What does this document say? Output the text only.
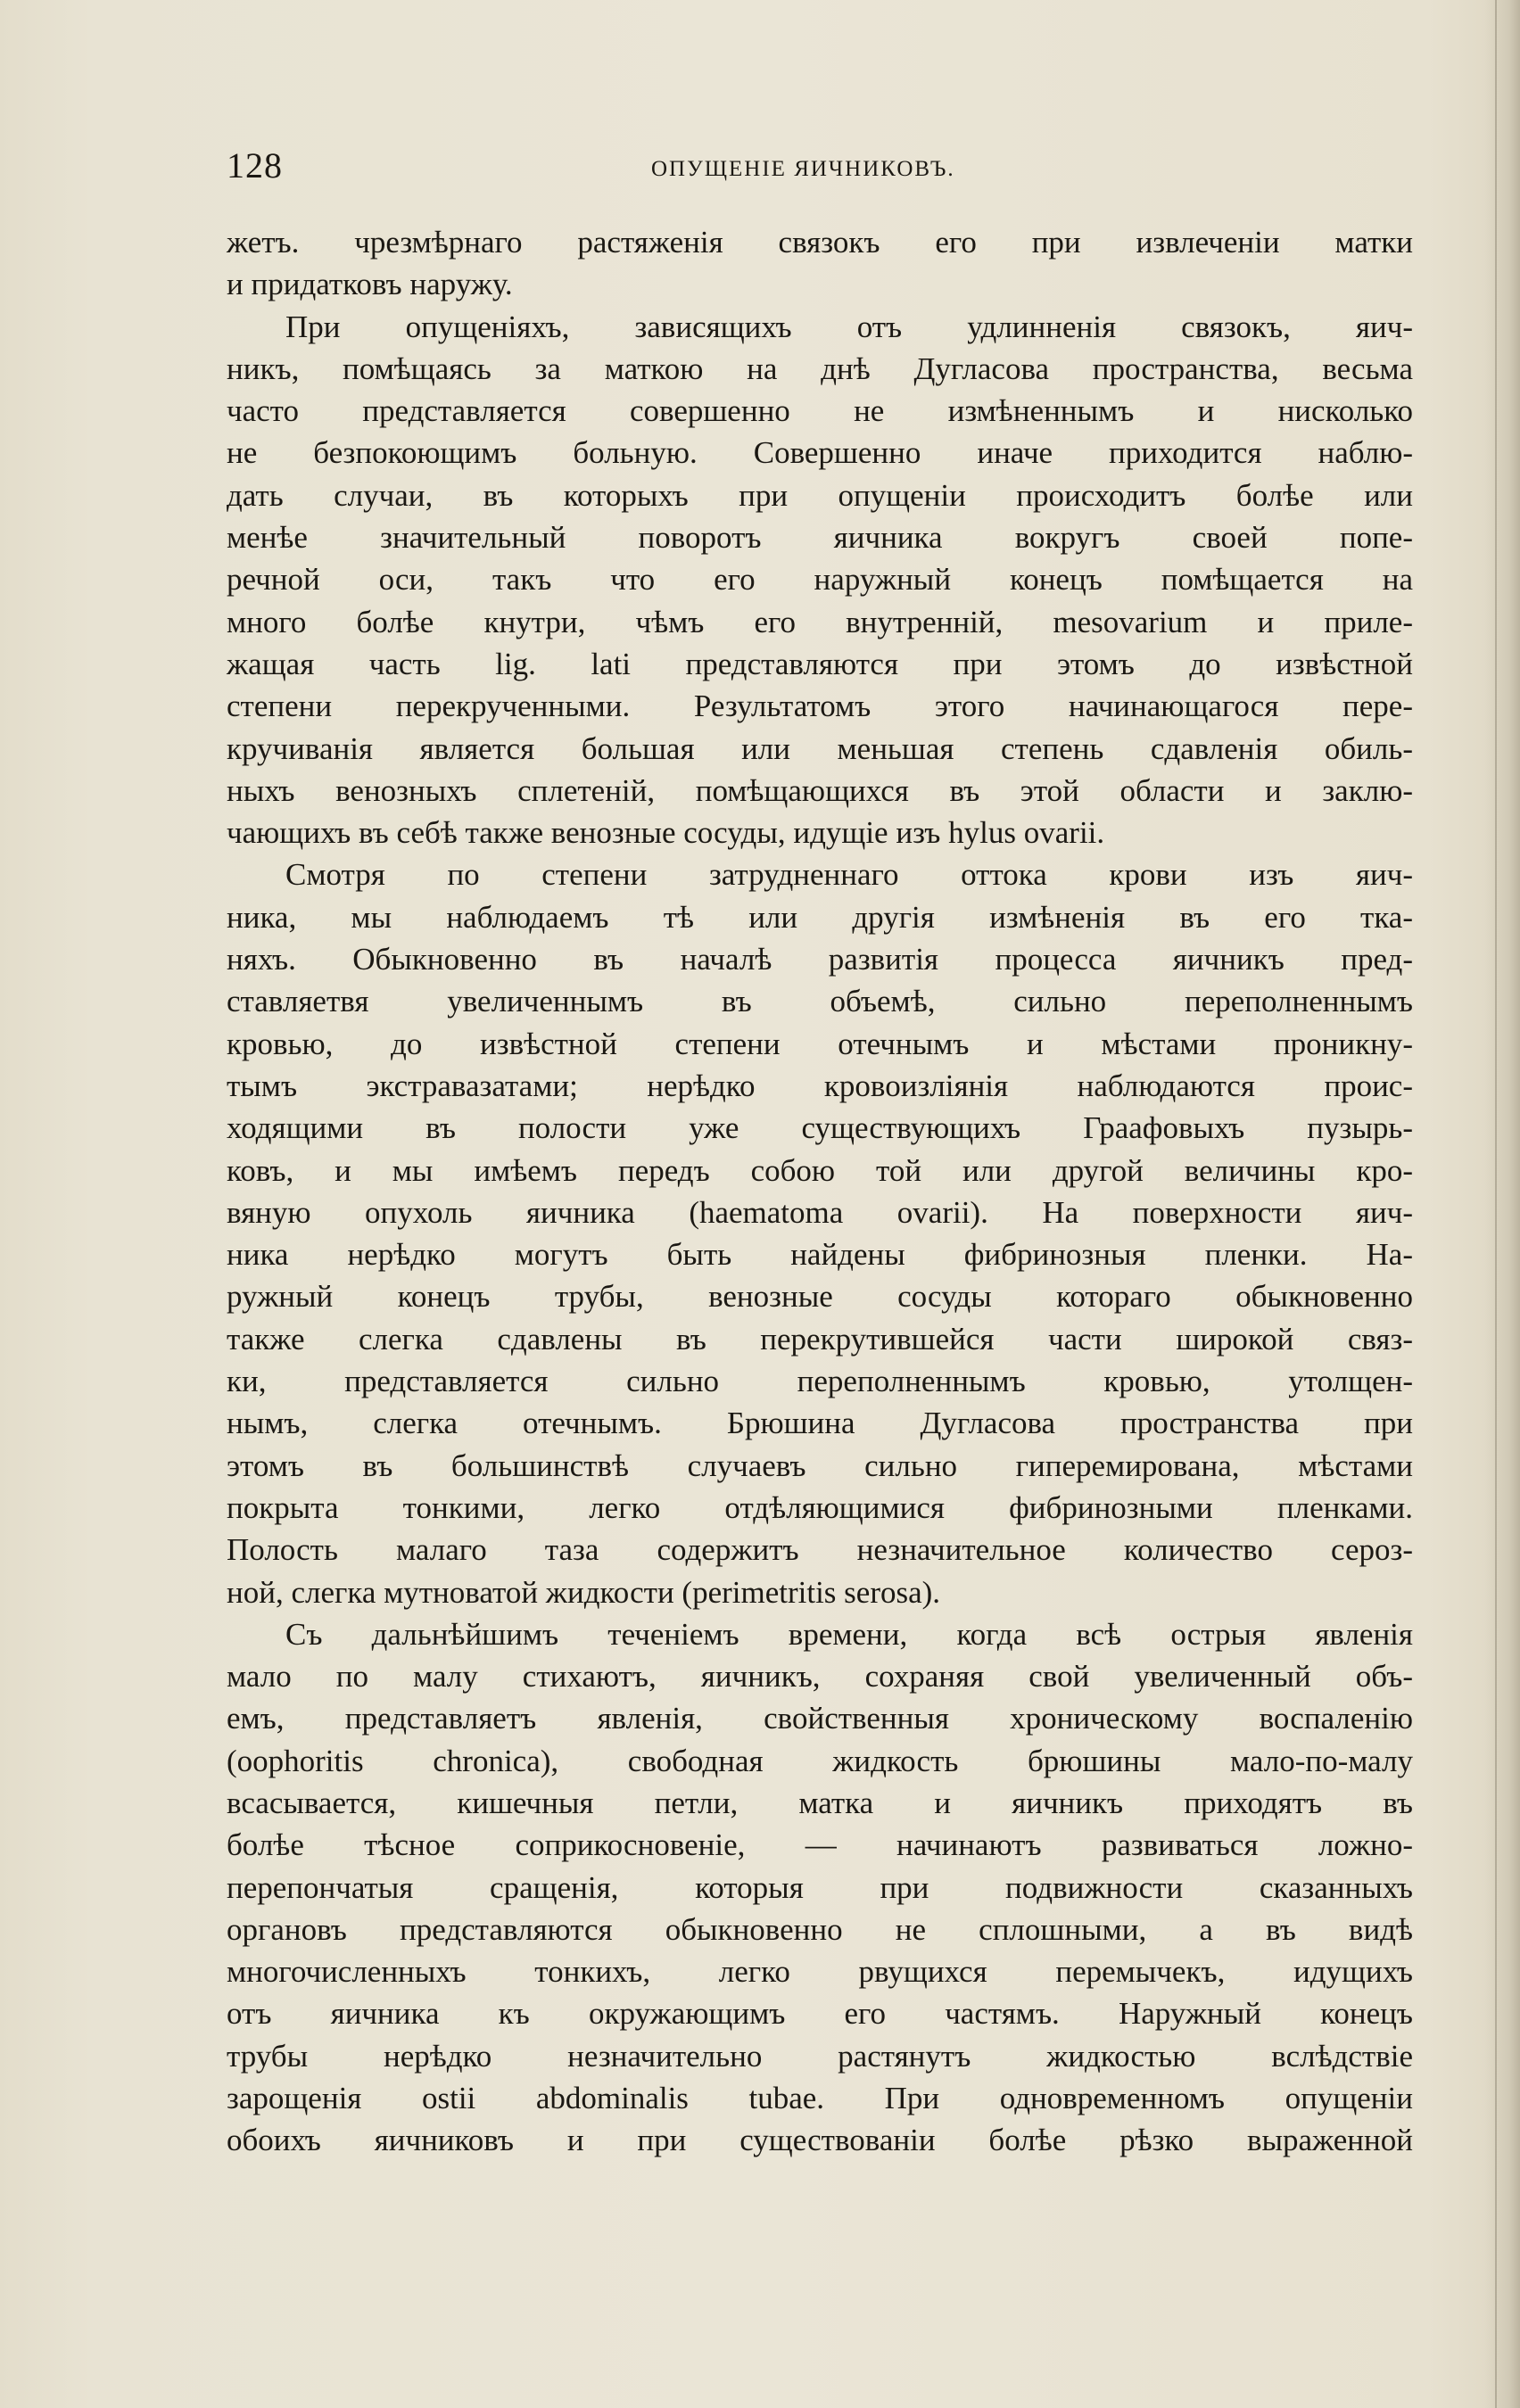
128	ОПУЩЕНІЕ ЯИЧНИКОВЪ.
жетъ. чрезмѣрнаго растяженія связокъ его при извлеченіи матки
и придатковъ наружу.
При опущеніяхъ, зависящихъ отъ удлинненія связокъ, яич-
никъ, помѣщаясь за маткою на днѣ Дугласова пространства, весьма
часто представляется совершенно не измѣненнымъ и нисколько
не безпокоющимъ больную. Совершенно иначе приходится наблю-
дать случаи, въ которыхъ при опущеніи происходитъ болѣе или
менѣе значительный поворотъ яичника вокругъ своей попе-
речной оси, такъ что его наружный конецъ помѣщается на
много болѣе кнутри, чѣмъ его внутренній, mesovarium и приле-
жащая часть lig. lati представляются при этомъ до извѣстной
степени перекрученными. Результатомъ этого начинающагося пере-
кручиванія является большая или меньшая степень сдавленія обиль-
ныхъ венозныхъ сплетеній, помѣщающихся въ этой области и заклю-
чающихъ въ себѣ также венозные сосуды, идущіе изъ hylus ovarii.
Смотря по степени затрудненнаго оттока крови изъ яич-
ника, мы наблюдаемъ тѣ или другія измѣненія въ его тка-
няхъ. Обыкновенно въ началѣ развитія процесса яичникъ пред-
ставляетвя увеличеннымъ въ объемѣ, сильно переполненнымъ
кровью, до извѣстной степени отечнымъ и мѣстами проникну-
тымъ экстравазатами; нерѣдко кровоизліянія наблюдаются проис-
ходящими въ полости уже существующихъ Граафовыхъ пузырь-
ковъ, и мы имѣемъ передъ собою той или другой величины кро-
вяную опухоль яичника (haematoma ovarii). На поверхности яич-
ника нерѣдко могутъ быть найдены фибринозныя пленки. На-
ружный конецъ трубы, венозные сосуды котораго обыкновенно
также слегка сдавлены въ перекрутившейся части широкой связ-
ки, представляется сильно переполненнымъ кровью, утолщен-
нымъ, слегка отечнымъ. Брюшина Дугласова пространства при
этомъ въ большинствѣ случаевъ сильно гиперемирована, мѣстами
покрыта тонкими, легко отдѣляющимися фибринозными пленками.
Полость малаго таза содержитъ незначительное количество сероз-
ной, слегка мутноватой жидкости (perimetritis serosa).
Съ дальнѣйшимъ теченіемъ времени, когда всѣ острыя явленія
мало по малу стихаютъ, яичникъ, сохраняя свой увеличенный объ-
емъ, представляетъ явленія, свойственныя хроническому воспаленію
(oophoritis chronica), свободная жидкость брюшины мало-по-малу
всасывается, кишечныя петли, матка и яичникъ приходятъ въ
болѣе тѣсное соприкосновеніе, — начинаютъ развиваться ложно-
перепончатыя сращенія, которыя при подвижности сказанныхъ
органовъ представляются обыкновенно не сплошными, а въ видѣ
многочисленныхъ тонкихъ, легко рвущихся перемычекъ, идущихъ
отъ яичника къ окружающимъ его частямъ. Наружный конецъ
трубы нерѣдко незначительно растянутъ жидкостью вслѣдствіе
зарощенія ostii abdominalis tubae. При одновременномъ опущеніи
обоихъ яичниковъ и при существованіи болѣе рѣзко выраженной
